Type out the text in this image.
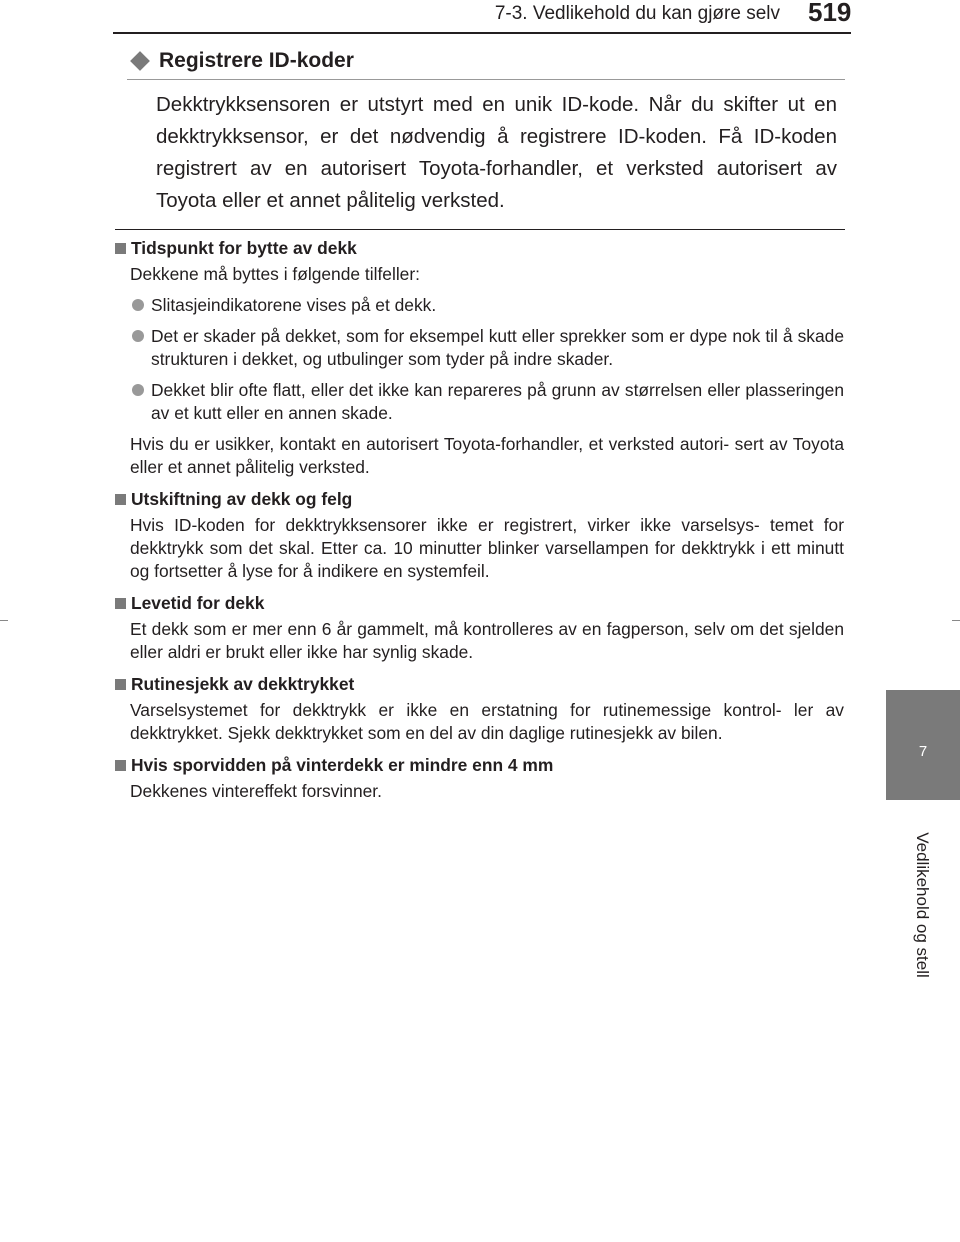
7-3. Vedlikehold du kan gjøre selv 519
7
Vedlikehold og stell
Registrere ID-koder
Dekktrykksensoren er utstyrt med en unik ID-kode. Når du skifter ut en dekktrykksensor, er det nødvendig å registrere ID-koden. Få ID-koden registrert av en autorisert Toyota-forhandler, et verksted autorisert av Toyota eller et annet pålitelig verksted.
Tidspunkt for bytte av dekk
Dekkene må byttes i følgende tilfeller:
Slitasjeindikatorene vises på et dekk.
Det er skader på dekket, som for eksempel kutt eller sprekker som er dype nok til å skade strukturen i dekket, og utbulinger som tyder på indre skader.
Dekket blir ofte flatt, eller det ikke kan repareres på grunn av størrelsen eller plasseringen av et kutt eller en annen skade.
Hvis du er usikker, kontakt en autorisert Toyota-forhandler, et verksted autori- sert av Toyota eller et annet pålitelig verksted.
Utskiftning av dekk og felg
Hvis ID-koden for dekktrykksensorer ikke er registrert, virker ikke varselsys- temet for dekktrykk som det skal. Etter ca. 10 minutter blinker varsellampen for dekktrykk i ett minutt og fortsetter å lyse for å indikere en systemfeil.
Levetid for dekk
Et dekk som er mer enn 6 år gammelt, må kontrolleres av en fagperson, selv om det sjelden eller aldri er brukt eller ikke har synlig skade.
Rutinesjekk av dekktrykket
Varselsystemet for dekktrykk er ikke en erstatning for rutinemessige kontrol- ler av dekktrykket. Sjekk dekktrykket som en del av din daglige rutinesjekk av bilen.
Hvis sporvidden på vinterdekk er mindre enn 4 mm
Dekkenes vintereffekt forsvinner.
